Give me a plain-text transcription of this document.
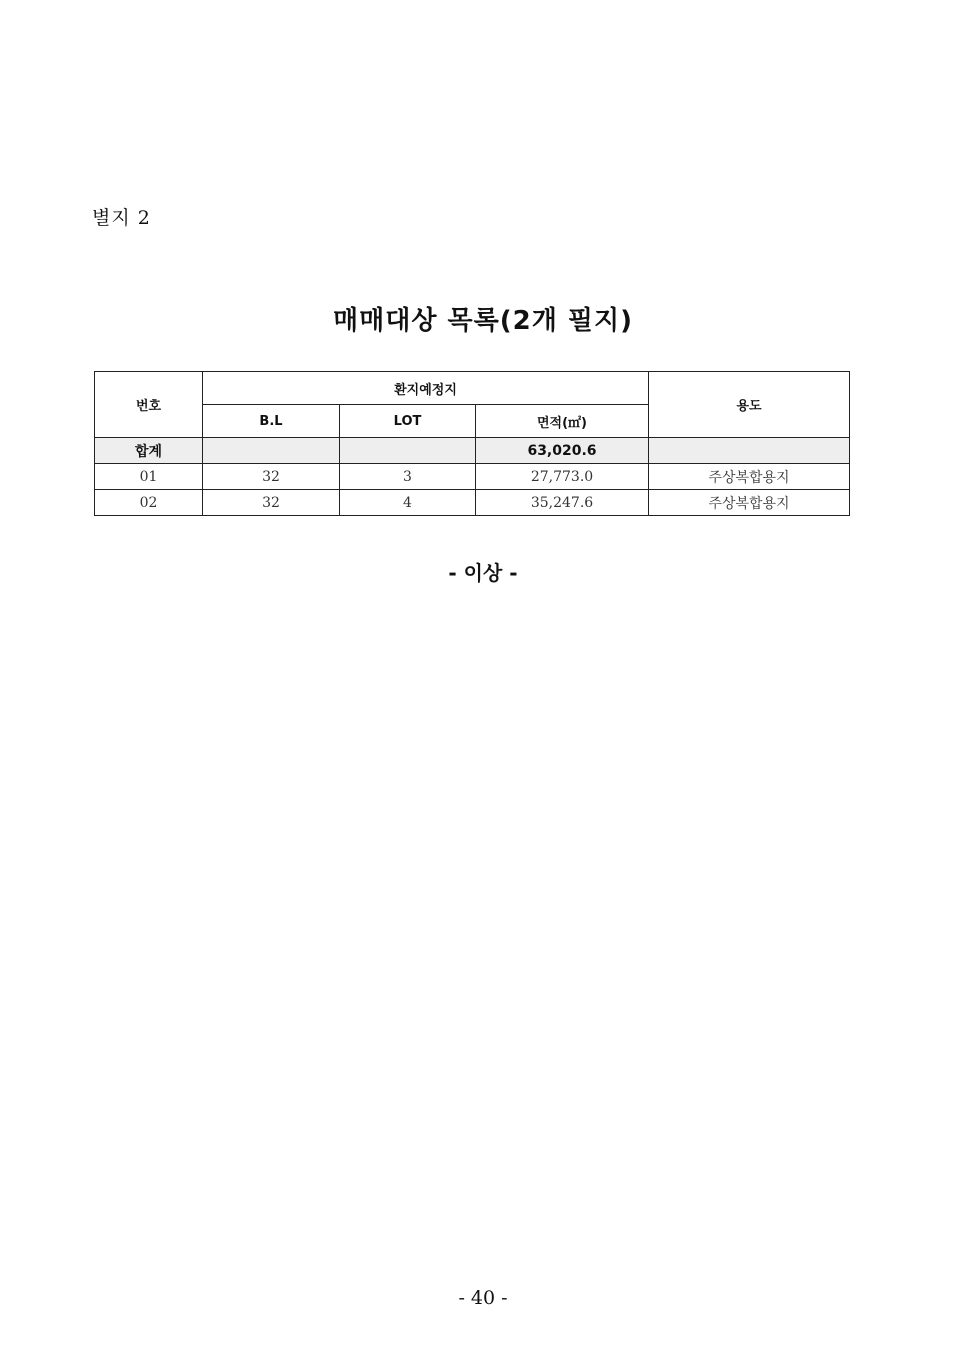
별지 2
매매대상 목록(2개 필지)
번호	환지예정지			용도
	B.L	LOT	면적(㎡)	
합계			63,020.6	
01	32	3	27,773.0	주상복합용지
02	32	4	35,247.6	주상복합용지
- 이상 -
- 40 -
